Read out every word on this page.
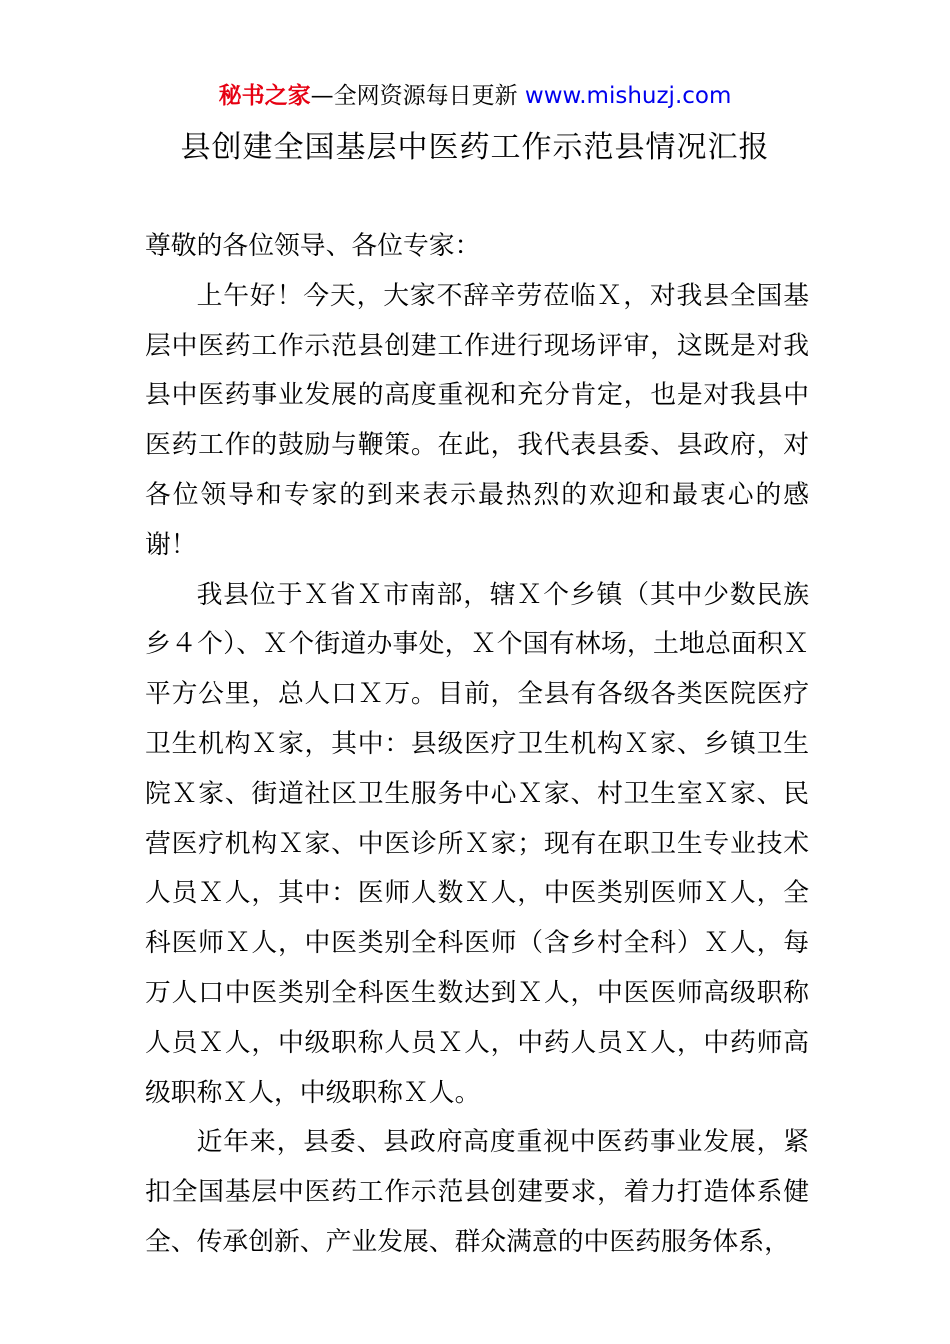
秘书之家—全网资源每日更新 www.mishuzj.com
县创建全国基层中医药工作示范县情况汇报

尊敬的各位领导、各位专家：

上午好！今天，大家不辞辛劳莅临Ｘ，对我县全国基层中医药工作示范县创建工作进行现场评审，这既是对我县中医药事业发展的高度重视和充分肯定，也是对我县中医药工作的鼓励与鞭策。在此，我代表县委、县政府，对各位领导和专家的到来表示最热烈的欢迎和最衷心的感谢！

我县位于Ｘ省Ｘ市南部，辖Ｘ个乡镇（其中少数民族乡４个）、Ｘ个街道办事处，Ｘ个国有林场，土地总面积Ｘ平方公里，总人口Ｘ万。目前，全县有各级各类医院医疗卫生机构Ｘ家，其中：县级医疗卫生机构Ｘ家、乡镇卫生院Ｘ家、街道社区卫生服务中心Ｘ家、村卫生室Ｘ家、民营医疗机构Ｘ家、中医诊所Ｘ家；现有在职卫生专业技术人员Ｘ人，其中：医师人数Ｘ人，中医类别医师Ｘ人，全科医师Ｘ人，中医类别全科医师（含乡村全科）Ｘ人，每万人口中医类别全科医生数达到Ｘ人，中医医师高级职称人员Ｘ人，中级职称人员Ｘ人，中药人员Ｘ人，中药师高级职称Ｘ人，中级职称Ｘ人。

近年来，县委、县政府高度重视中医药事业发展，紧扣全国基层中医药工作示范县创建要求，着力打造体系健全、传承创新、产业发展、群众满意的中医药服务体系，
